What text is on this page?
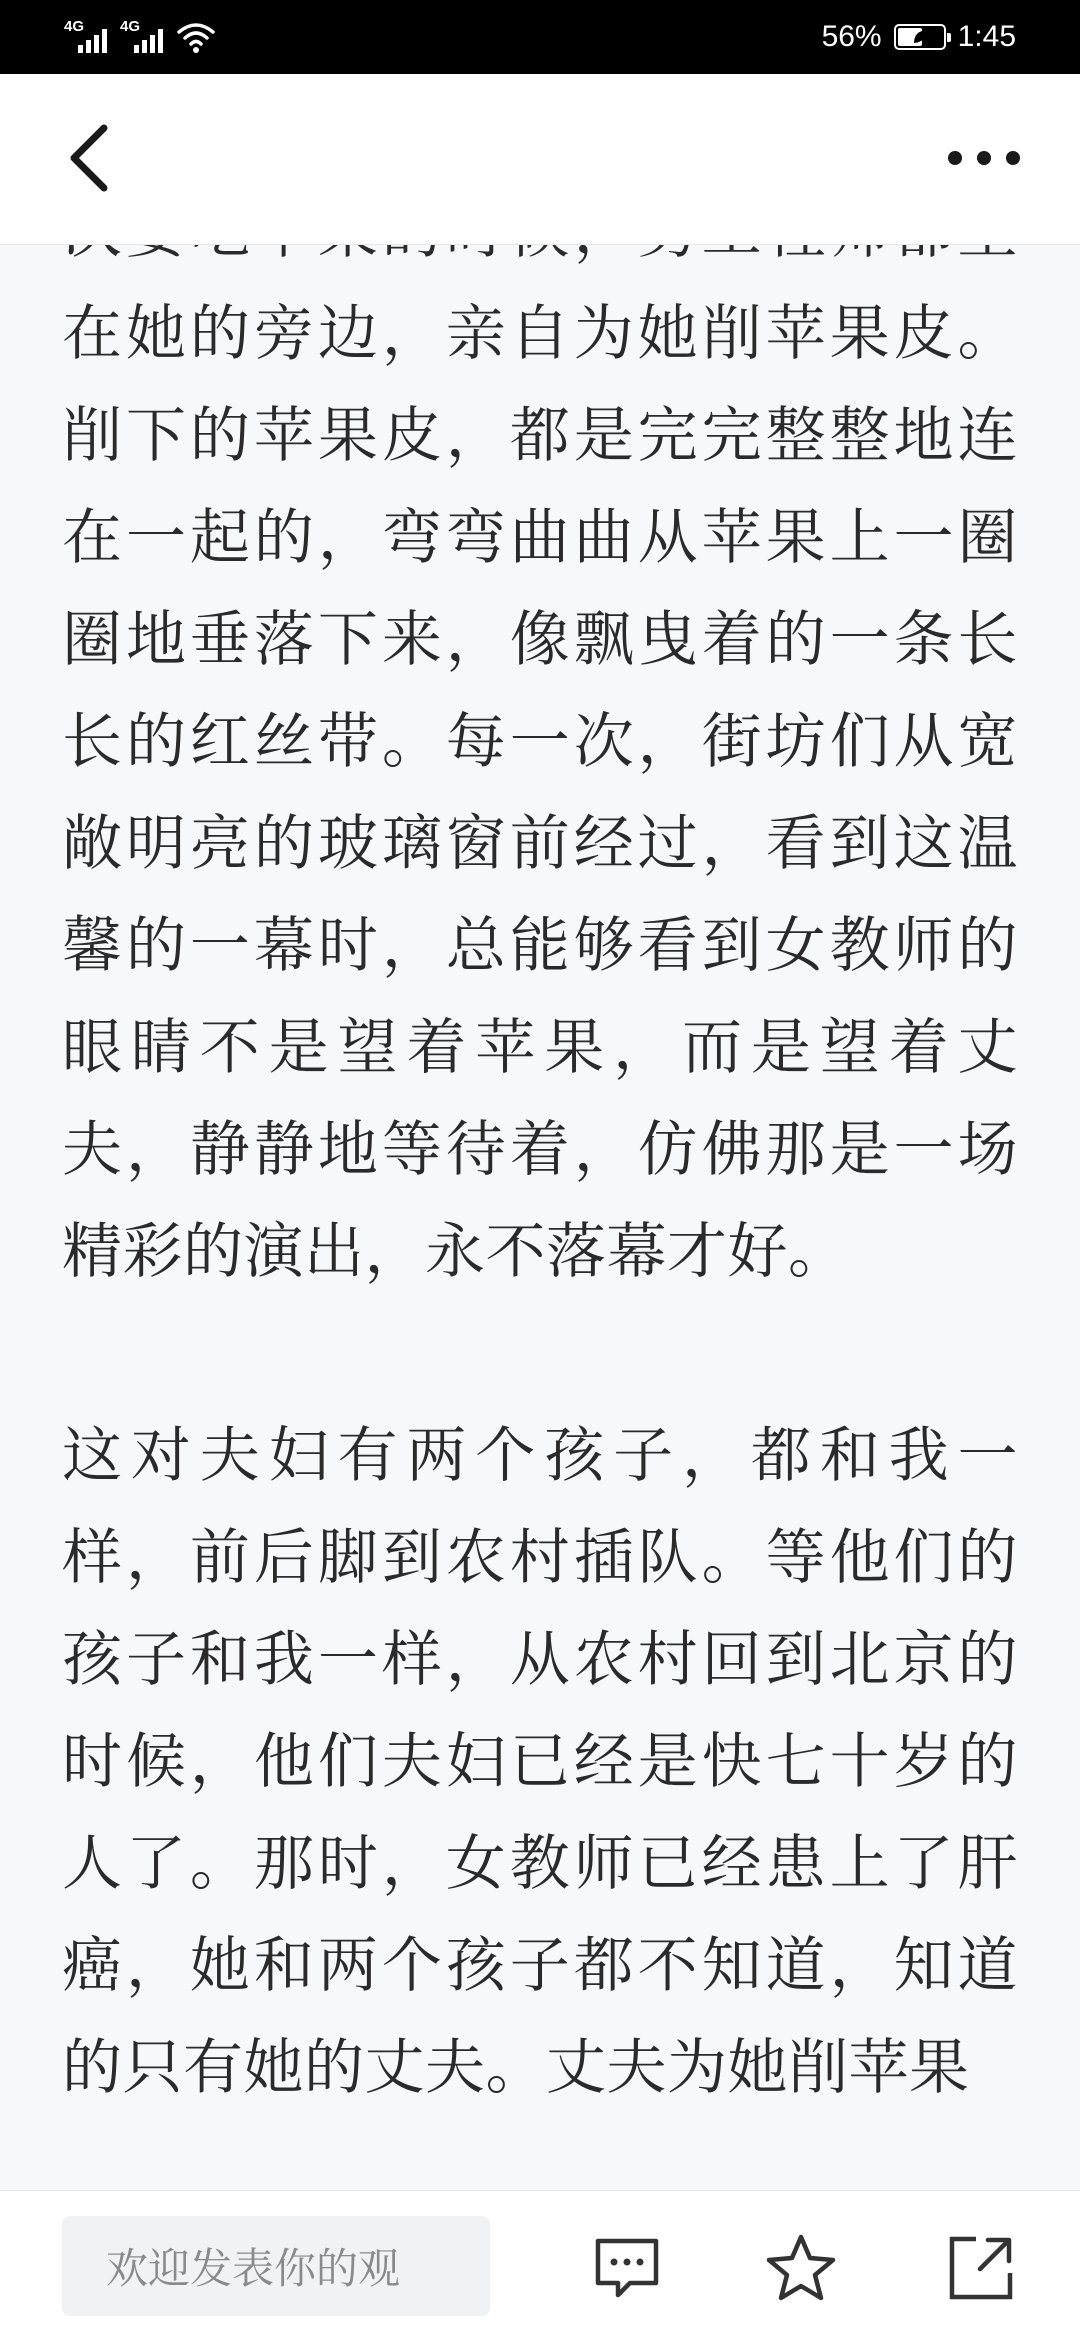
4G 4G	56%	1:45

在她的旁边，亲自为她削苹果皮。削下的苹果皮，都是完完整整地连在一起的，弯弯曲曲从苹果上一圈圈地垂落下来，像飘曳着的一条长长的红丝带。每一次，街坊们从宽敞明亮的玻璃窗前经过，看到这温馨的一幕时，总能够看到女教师的眼睛不是望着苹果，而是望着丈夫，静静地等待着，仿佛那是一场精彩的演出，永不落幕才好。

这对夫妇有两个孩子，都和我一样，前后脚到农村插队。等他们的孩子和我一样，从农村回到北京的时候，他们夫妇已经是快七十岁的人了。那时，女教师已经患上了肝癌，她和两个孩子都不知道，知道的只有她的丈夫。丈夫为她削苹果

欢迎发表你的观
